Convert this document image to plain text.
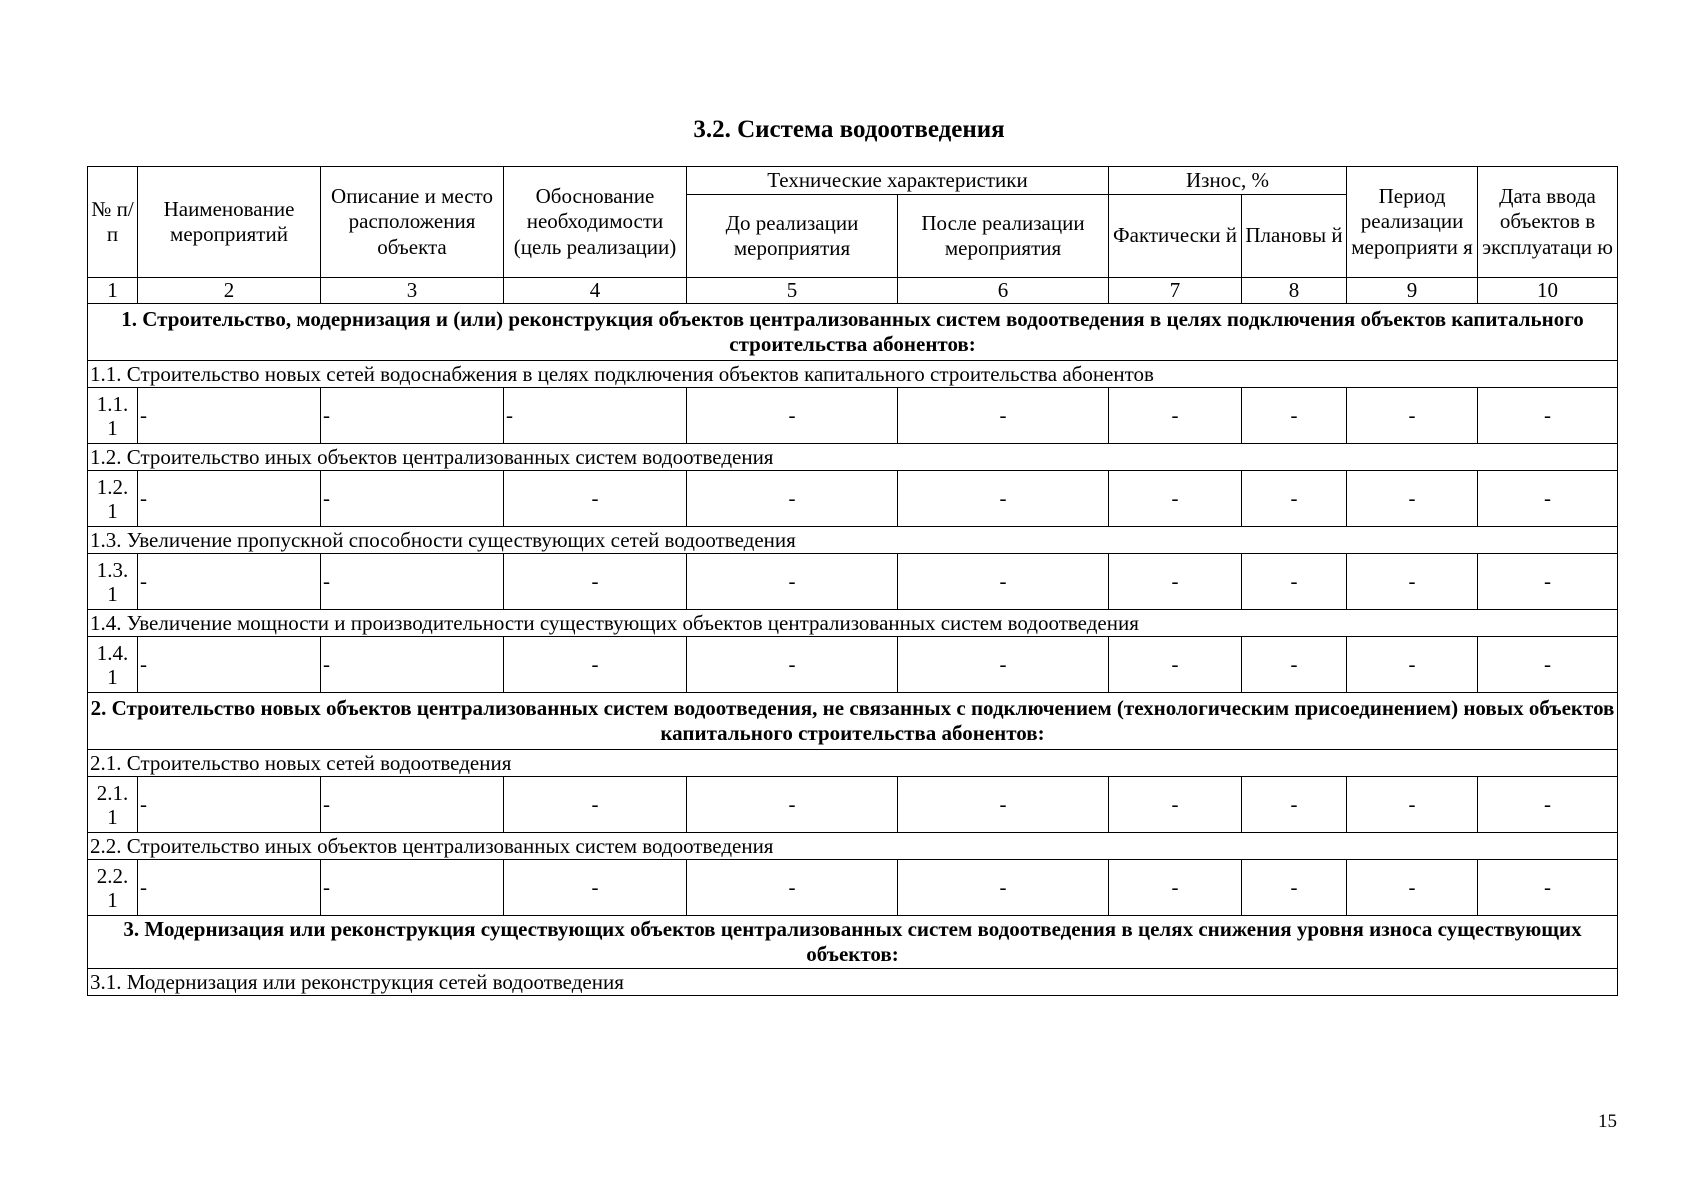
3.2. Система водоотведения
№ п/п	Наименование мероприятий	Описание и место расположения объекта	Обоснование необходимости (цель реализации)	Технические характеристики		Износ, %		Период реализации мероприяти я	Дата ввода объектов в эксплуатаци ю
				До реализации мероприятия	После реализации мероприятия	Фактически й	Плановы й		
1	2	3	4	5	6	7	8	9	10
1. Строительство, модернизация и (или) реконструкция объектов централизованных систем водоотведения в целях подключения объектов капитального строительства абонентов:									
1.1. Строительство новых сетей водоснабжения в целях подключения объектов капитального строительства абонентов									
1.1. 1	-	-	-	-	-	-	-	-	-
1.2. Строительство иных объектов централизованных систем водоотведения									
1.2. 1	-	-	-	-	-	-	-	-	-
1.3. Увеличение пропускной способности существующих сетей водоотведения									
1.3. 1	-	-	-	-	-	-	-	-	-
1.4. Увеличение мощности и производительности существующих объектов централизованных систем водоотведения									
1.4. 1	-	-	-	-	-	-	-	-	-
2. Строительство новых объектов централизованных систем водоотведения, не связанных с подключением (технологическим присоединением) новых объектов капитального строительства абонентов:									
2.1. Строительство новых сетей водоотведения									
2.1. 1	-	-	-	-	-	-	-	-	-
2.2. Строительство иных объектов централизованных систем водоотведения									
2.2. 1	-	-	-	-	-	-	-	-	-
3. Модернизация или реконструкция существующих объектов централизованных систем водоотведения в целях снижения уровня износа существующих объектов:									
3.1. Модернизация или реконструкция сетей водоотведения									
15
